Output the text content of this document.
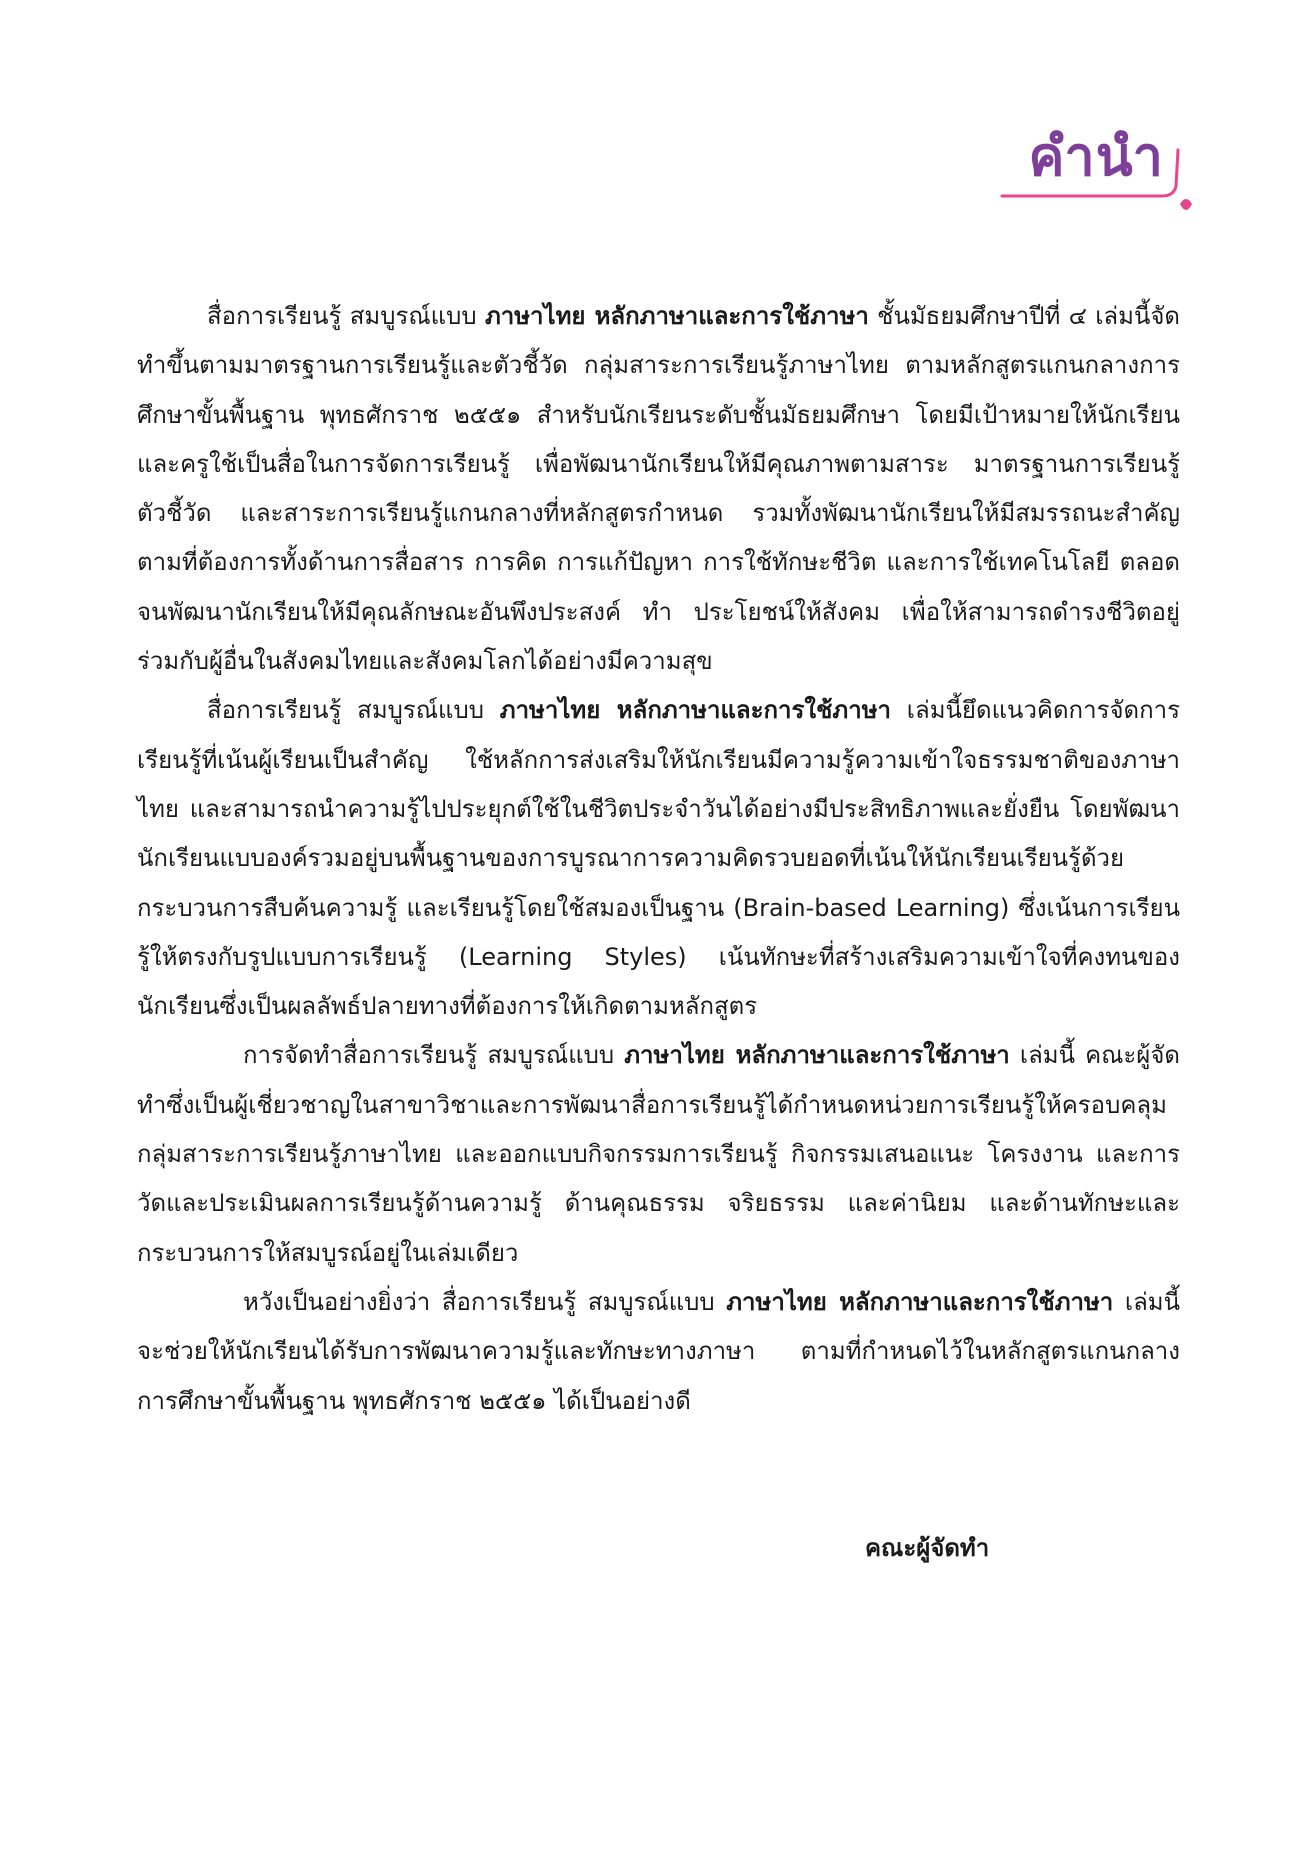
คำนำ

สื่อการเรียนรู้ สมบูรณ์แบบ ภาษาไทย หลักภาษาและการใช้ภาษา ชั้นมัธยมศึกษาปีที่ ๔ เล่มนี้จัดทำขึ้นตามมาตรฐานการเรียนรู้และตัวชี้วัด กลุ่มสาระการเรียนรู้ภาษาไทย ตามหลักสูตรแกนกลางการศึกษาขั้นพื้นฐาน พุทธศักราช ๒๕๕๑ สำหรับนักเรียนระดับชั้นมัธยมศึกษา โดยมีเป้าหมายให้นักเรียนและครูใช้เป็นสื่อในการจัดการเรียนรู้ เพื่อพัฒนานักเรียนให้มีคุณภาพตามสาระ มาตรฐานการเรียนรู้ ตัวชี้วัด และสาระการเรียนรู้แกนกลางที่หลักสูตรกำหนด รวมทั้งพัฒนานักเรียนให้มีสมรรถนะสำคัญตามที่ต้องการทั้งด้านการสื่อสาร การคิด การแก้ปัญหา การใช้ทักษะชีวิต และการใช้เทคโนโลยี ตลอดจนพัฒนานักเรียนให้มีคุณลักษณะอันพึงประสงค์ ทำ ประโยชน์ให้สังคม เพื่อให้สามารถดำรงชีวิตอยู่ร่วมกับผู้อื่นในสังคมไทยและสังคมโลกได้อย่างมีความสุข

สื่อการเรียนรู้ สมบูรณ์แบบ ภาษาไทย หลักภาษาและการใช้ภาษา เล่มนี้ยึดแนวคิดการจัดการเรียนรู้ที่เน้นผู้เรียนเป็นสำคัญ ใช้หลักการส่งเสริมให้นักเรียนมีความรู้ความเข้าใจธรรมชาติของภาษาไทย และสามารถนำความรู้ไปประยุกต์ใช้ในชีวิตประจำวันได้อย่างมีประสิทธิภาพและยั่งยืน โดยพัฒนานักเรียนแบบองค์รวมอยู่บนพื้นฐานของการบูรณาการความคิดรวบยอดที่เน้นให้นักเรียนเรียนรู้ด้วยกระบวนการสืบค้นความรู้ และเรียนรู้โดยใช้สมองเป็นฐาน (Brain-based Learning) ซึ่งเน้นการเรียนรู้ให้ตรงกับรูปแบบการเรียนรู้ (Learning Styles) เน้นทักษะที่สร้างเสริมความเข้าใจที่คงทนของนักเรียนซึ่งเป็นผลลัพธ์ปลายทางที่ต้องการให้เกิดตามหลักสูตร

การจัดทำสื่อการเรียนรู้ สมบูรณ์แบบ ภาษาไทย หลักภาษาและการใช้ภาษา เล่มนี้ คณะผู้จัดทำซึ่งเป็นผู้เชี่ยวชาญในสาขาวิชาและการพัฒนาสื่อการเรียนรู้ได้กำหนดหน่วยการเรียนรู้ให้ครอบคลุมกลุ่มสาระการเรียนรู้ภาษาไทย และออกแบบกิจกรรมการเรียนรู้ กิจกรรมเสนอแนะ โครงงาน และการวัดและประเมินผลการเรียนรู้ด้านความรู้ ด้านคุณธรรม จริยธรรม และค่านิยม และด้านทักษะและกระบวนการให้สมบูรณ์อยู่ในเล่มเดียว

หวังเป็นอย่างยิ่งว่า สื่อการเรียนรู้ สมบูรณ์แบบ ภาษาไทย หลักภาษาและการใช้ภาษา เล่มนี้จะช่วยให้นักเรียนได้รับการพัฒนาความรู้และทักษะทางภาษา ตามที่กำหนดไว้ในหลักสูตรแกนกลางการศึกษาขั้นพื้นฐาน พุทธศักราช ๒๕๕๑ ได้เป็นอย่างดี

คณะผู้จัดทำ
